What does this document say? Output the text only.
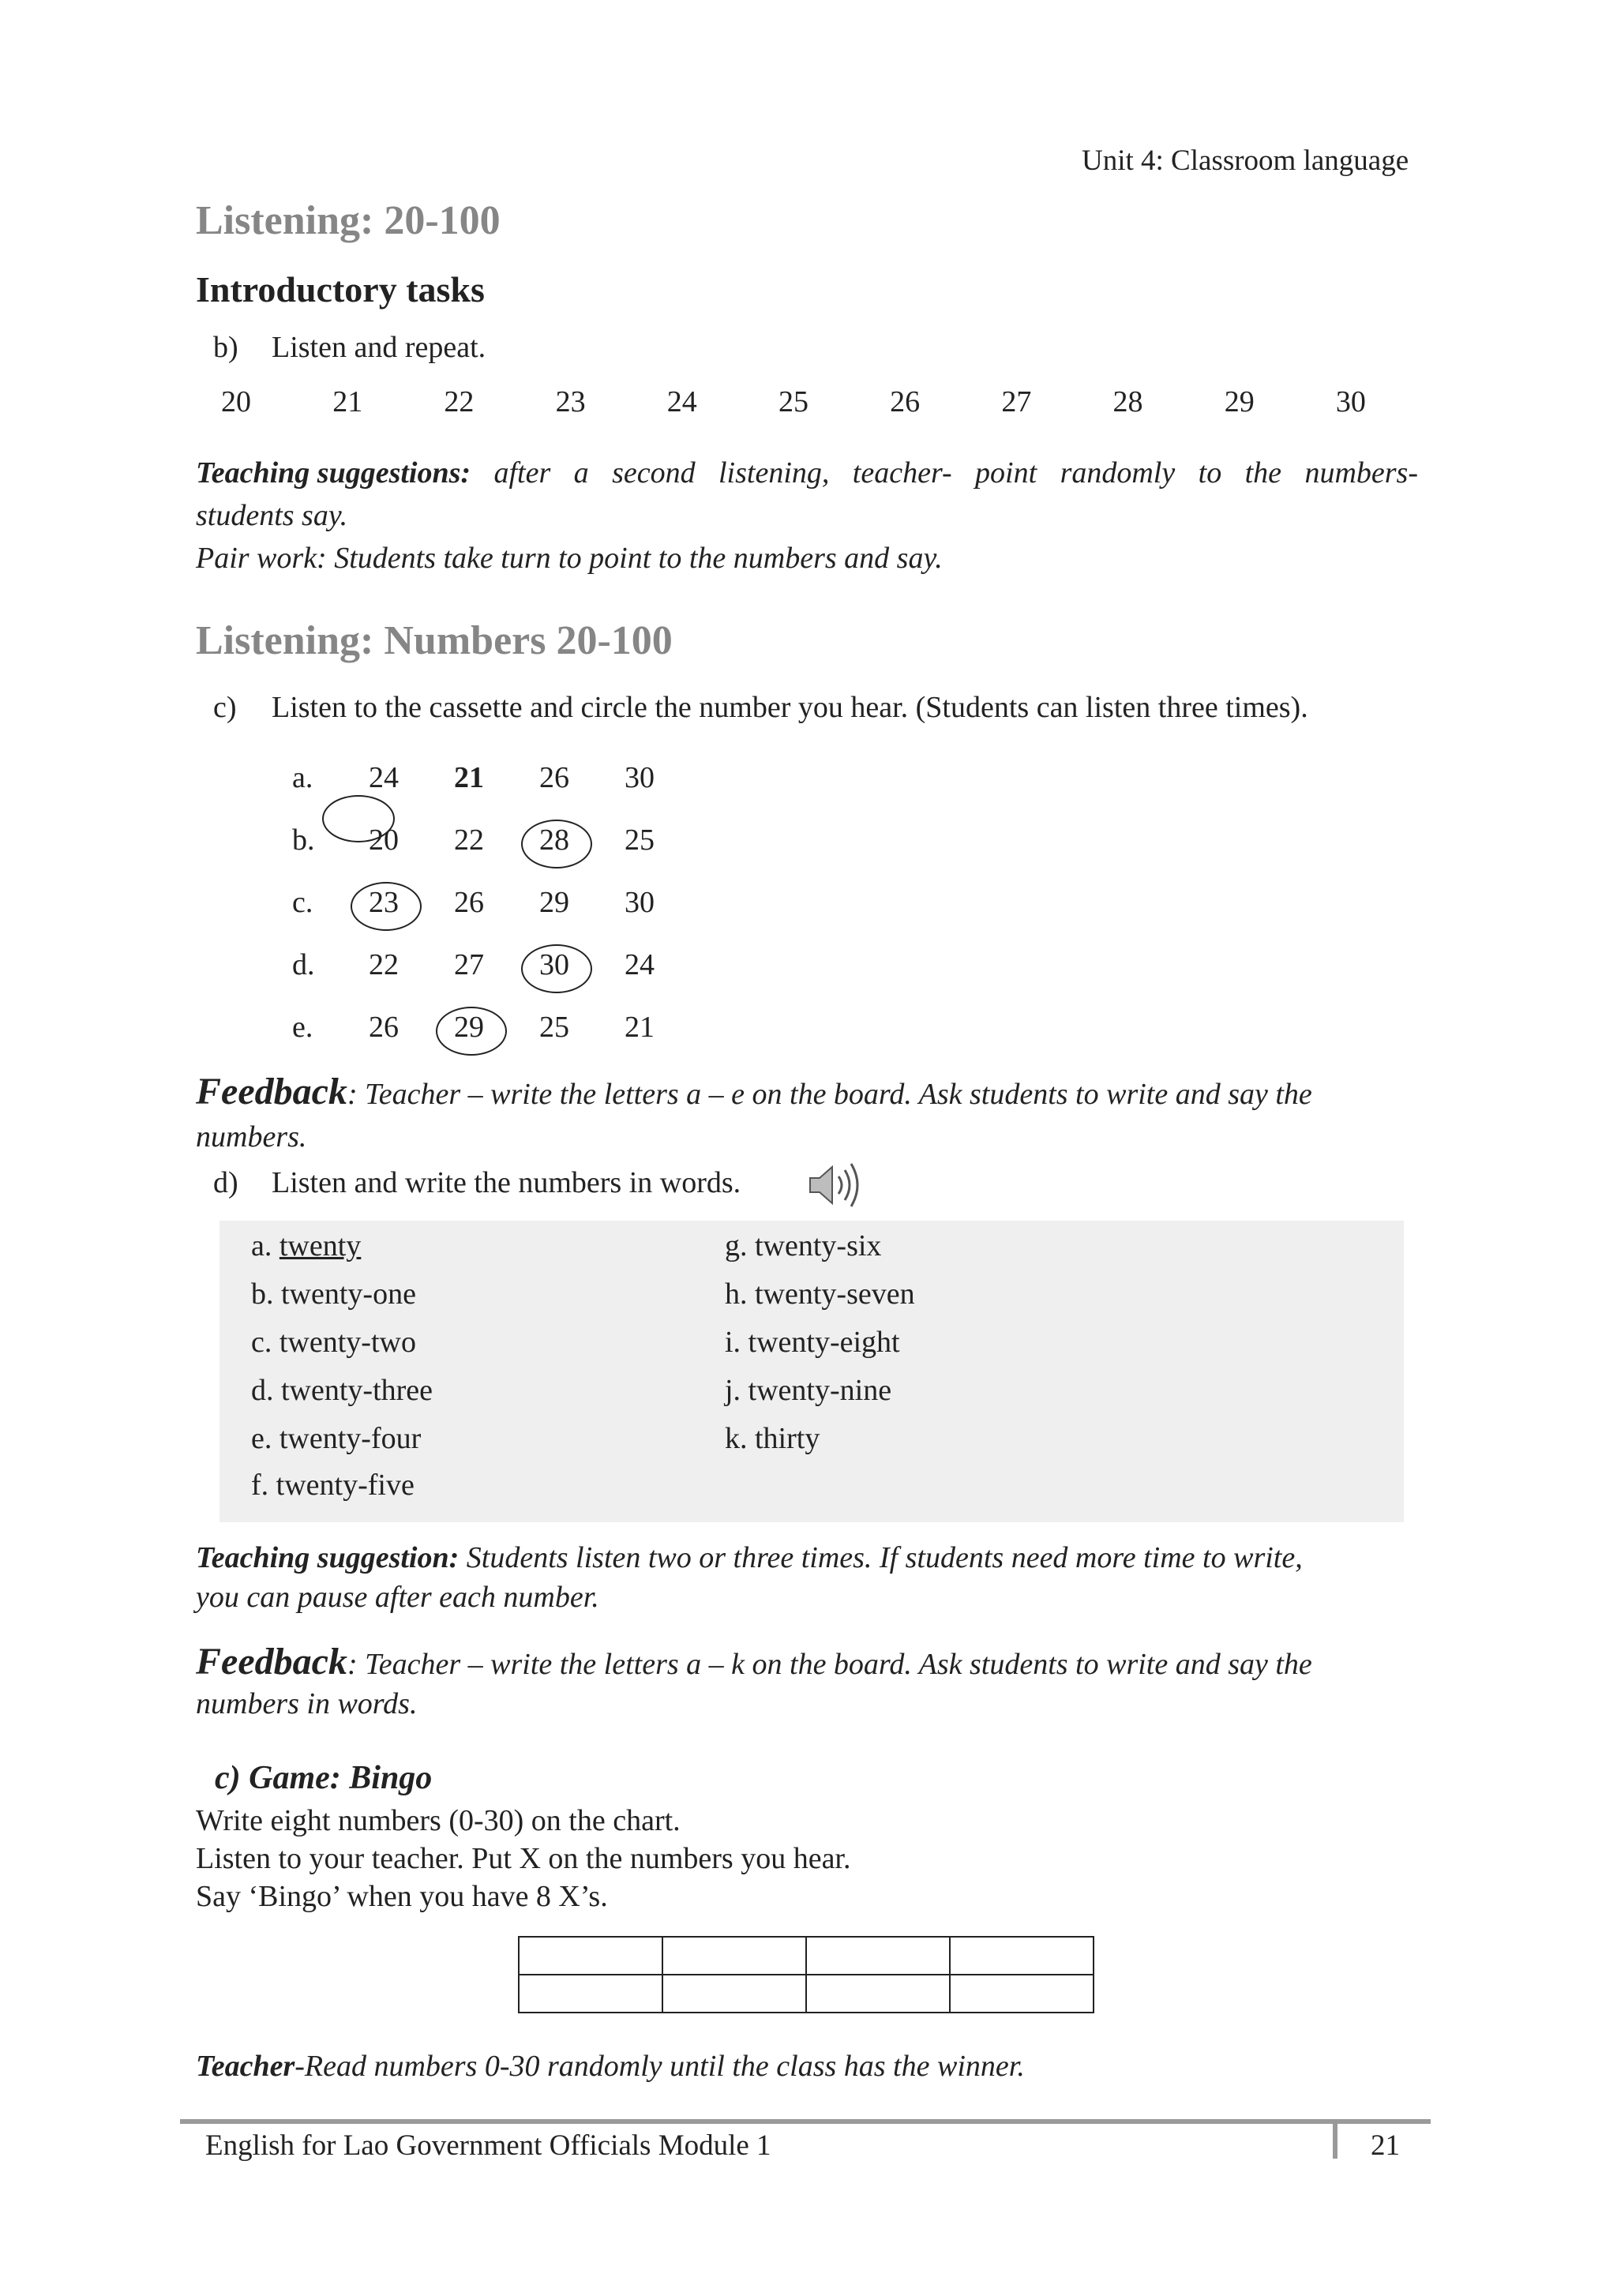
Unit 4: Classroom language
Listening: 20-100
Introductory tasks
b) Listen and repeat.
20	21	22	23	24	25	26	27	28	29	30
Teaching suggestions: after a second listening, teacher- point randomly to the numbers-
students say.
Pair work: Students take turn to point to the numbers and say.
Listening: Numbers 20-100
c) Listen to the cassette and circle the number you hear. (Students can listen three times).
a.	24	21	26	30
b.	20	22	28	25
c.	23	26	29	30
d.	22	27	30	24
e.	26	29	25	21
Feedback: Teacher – write the letters a – e on the board. Ask students to write and say the
numbers.
d) Listen and write the numbers in words.
a. twenty
b. twenty-one
c. twenty-two
d. twenty-three
e. twenty-four
f. twenty-five
g. twenty-six
h. twenty-seven
i. twenty-eight
j. twenty-nine
k. thirty
Teaching suggestion: Students listen two or three times. If students need more time to write,
you can pause after each number.
Feedback: Teacher – write the letters a – k on the board. Ask students to write and say the
numbers in words.
c) Game: Bingo
Write eight numbers (0-30) on the chart.
Listen to your teacher. Put X on the numbers you hear.
Say ‘Bingo’ when you have 8 X’s.

Teacher-Read numbers 0-30 randomly until the class has the winner.
English for Lao Government Officials Module 1	21
